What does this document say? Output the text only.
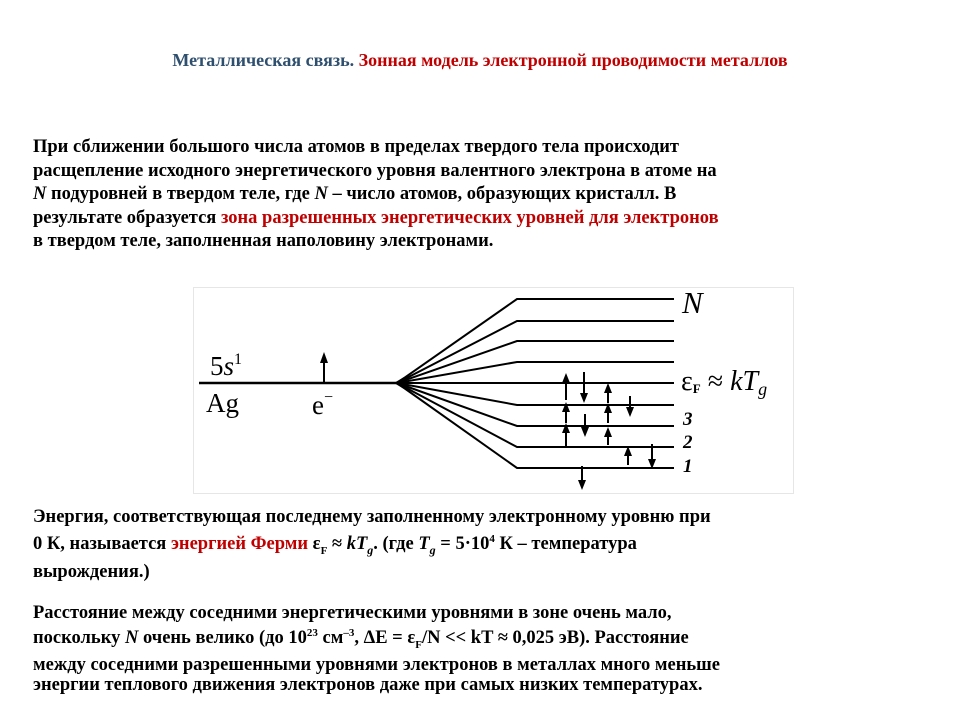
Металлическая связь. Зонная модель электронной проводимости металлов
При сближении большого числа атомов в пределах твердого тела происходит
расщепление исходного энергетического уровня валентного электрона в атоме на
N подуровней в твердом теле, где N – число атомов, образующих кристалл. В
результате образуется зона разрешенных энергетических уровней для электронов
в твердом теле, заполненная наполовину электронами.
$5s^1$
Ag	e−
N
$\varepsilon_F$ ≈ kTg
3
2
1
Энергия, соответствующая последнему заполненному электронному уровню при
0 К, называется энергией Ферми $\varepsilon_F \approx kT_g$. (где $T_g = 5\cdot 10^4$ К – температура
вырождения.)
Расстояние между соседними энергетическими уровнями в зоне очень мало,
поскольку N очень велико (до $10^{23}$ $см^{-3}$, $\Delta E = \varepsilon_F/N$ << kT ≈ 0,025 эВ). Расстояние
между соседними разрешенными уровнями электронов в металлах много меньше
энергии теплового движения электронов даже при самых низких температурах.
